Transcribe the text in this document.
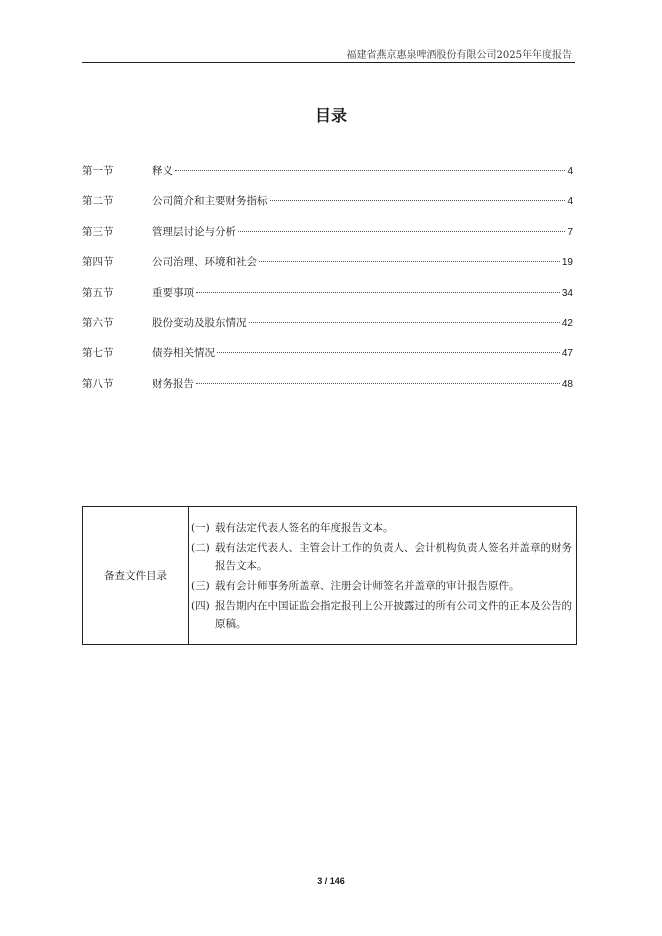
福建省燕京惠泉啤酒股份有限公司2025年年度报告
目录
第一节	释义	4
第二节	公司简介和主要财务指标	4
第三节	管理层讨论与分析	7
第四节	公司治理、环境和社会	19
第五节	重要事项	34
第六节	股份变动及股东情况	42
第七节	债券相关情况	47
第八节	财务报告	48
备查文件目录	
(一) 载有法定代表人签名的年度报告文本。
(二) 载有法定代表人、主管会计工作的负责人、会计机构负责人签名并盖章的财务报告文本。
(三) 载有会计师事务所盖章、注册会计师签名并盖章的审计报告原件。
(四) 报告期内在中国证监会指定报刊上公开披露过的所有公司文件的正本及公告的原稿。
3 / 146
